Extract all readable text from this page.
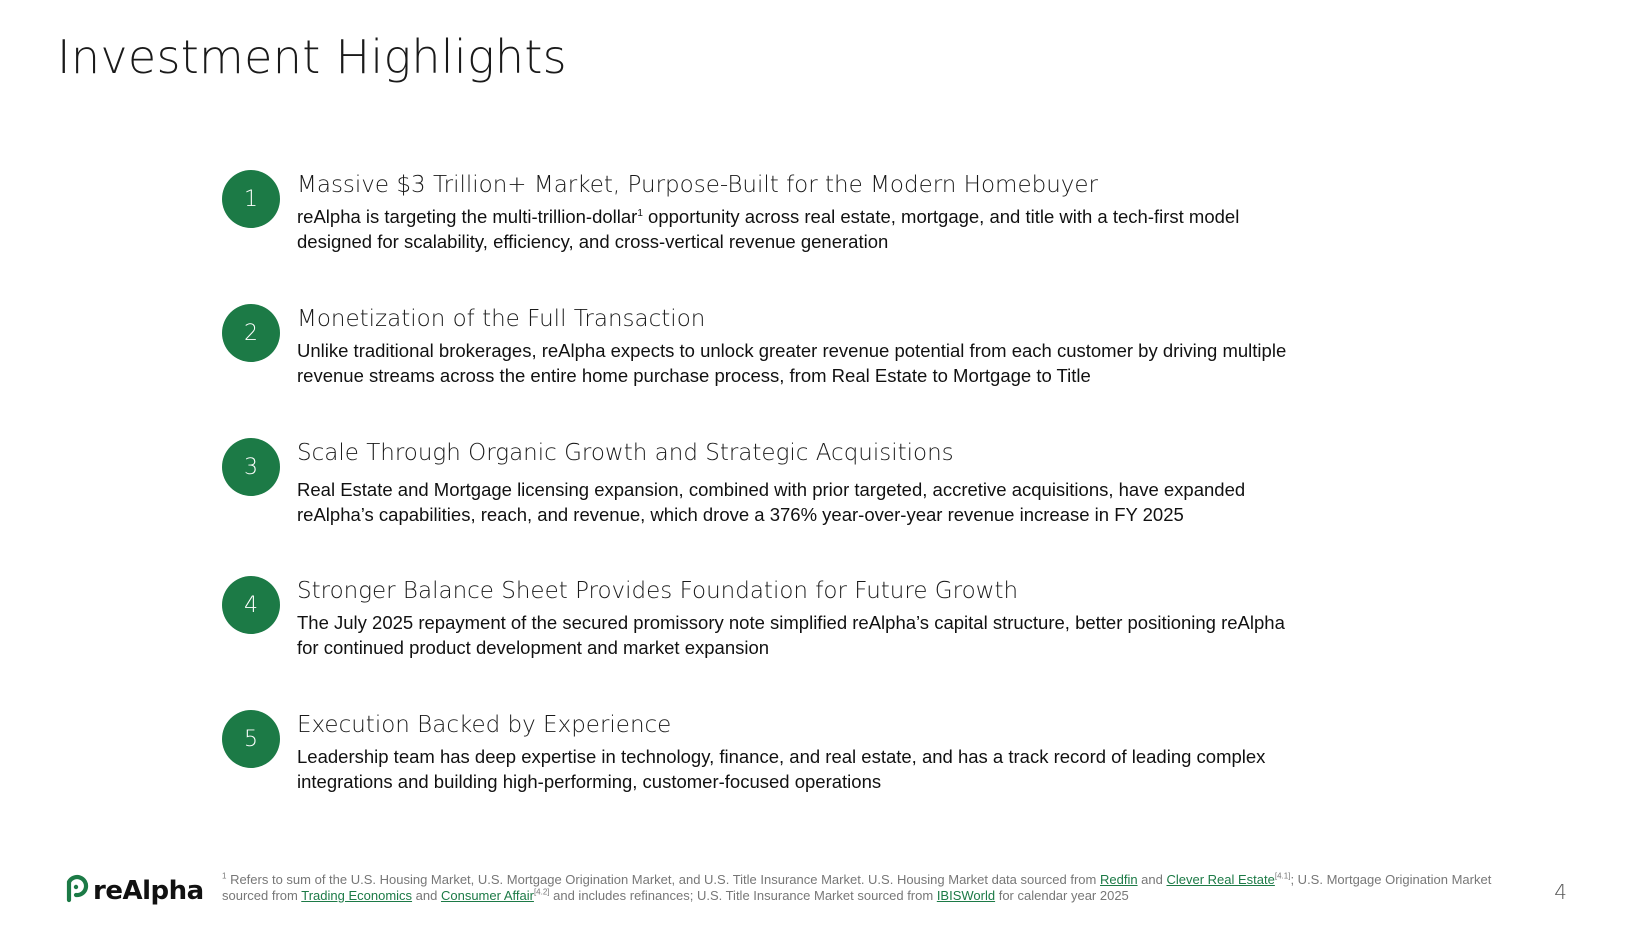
Investment Highlights
1

Massive $3 Trillion+ Market, Purpose-Built for the Modern Homebuyer

reAlpha is targeting the multi-trillion-dollar$^1$ opportunity across real estate, mortgage, and title with a tech-first model designed for scalability, efficiency, and cross-vertical revenue generation

2

Monetization of the Full Transaction

Unlike traditional brokerages, reAlpha expects to unlock greater revenue potential from each customer by driving multiple revenue streams across the entire home purchase process, from Real Estate to Mortgage to Title

3

Scale Through Organic Growth and Strategic Acquisitions

Real Estate and Mortgage licensing expansion, combined with prior targeted, accretive acquisitions, have expanded reAlpha’s capabilities, reach, and revenue, which drove a 376% year-over-year revenue increase in FY 2025

4

Stronger Balance Sheet Provides Foundation for Future Growth

The July 2025 repayment of the secured promissory note simplified reAlpha’s capital structure, better positioning reAlpha for continued product development and market expansion

5

Execution Backed by Experience

Leadership team has deep expertise in technology, finance, and real estate, and has a track record of leading complex integrations and building high-performing, customer-focused operations

reAlpha $^1$ Refers to sum of the U.S. Housing Market, U.S. Mortgage Origination Market, and U.S. Title Insurance Market. U.S. Housing Market data sourced from Redfin and Clever Real Estate[4.1]; U.S. Mortgage Origination Market sourced from Trading Economics and Consumer Affair[4.2] and includes refinances; U.S. Title Insurance Market sourced from IBISWorld for calendar year 2025	4
